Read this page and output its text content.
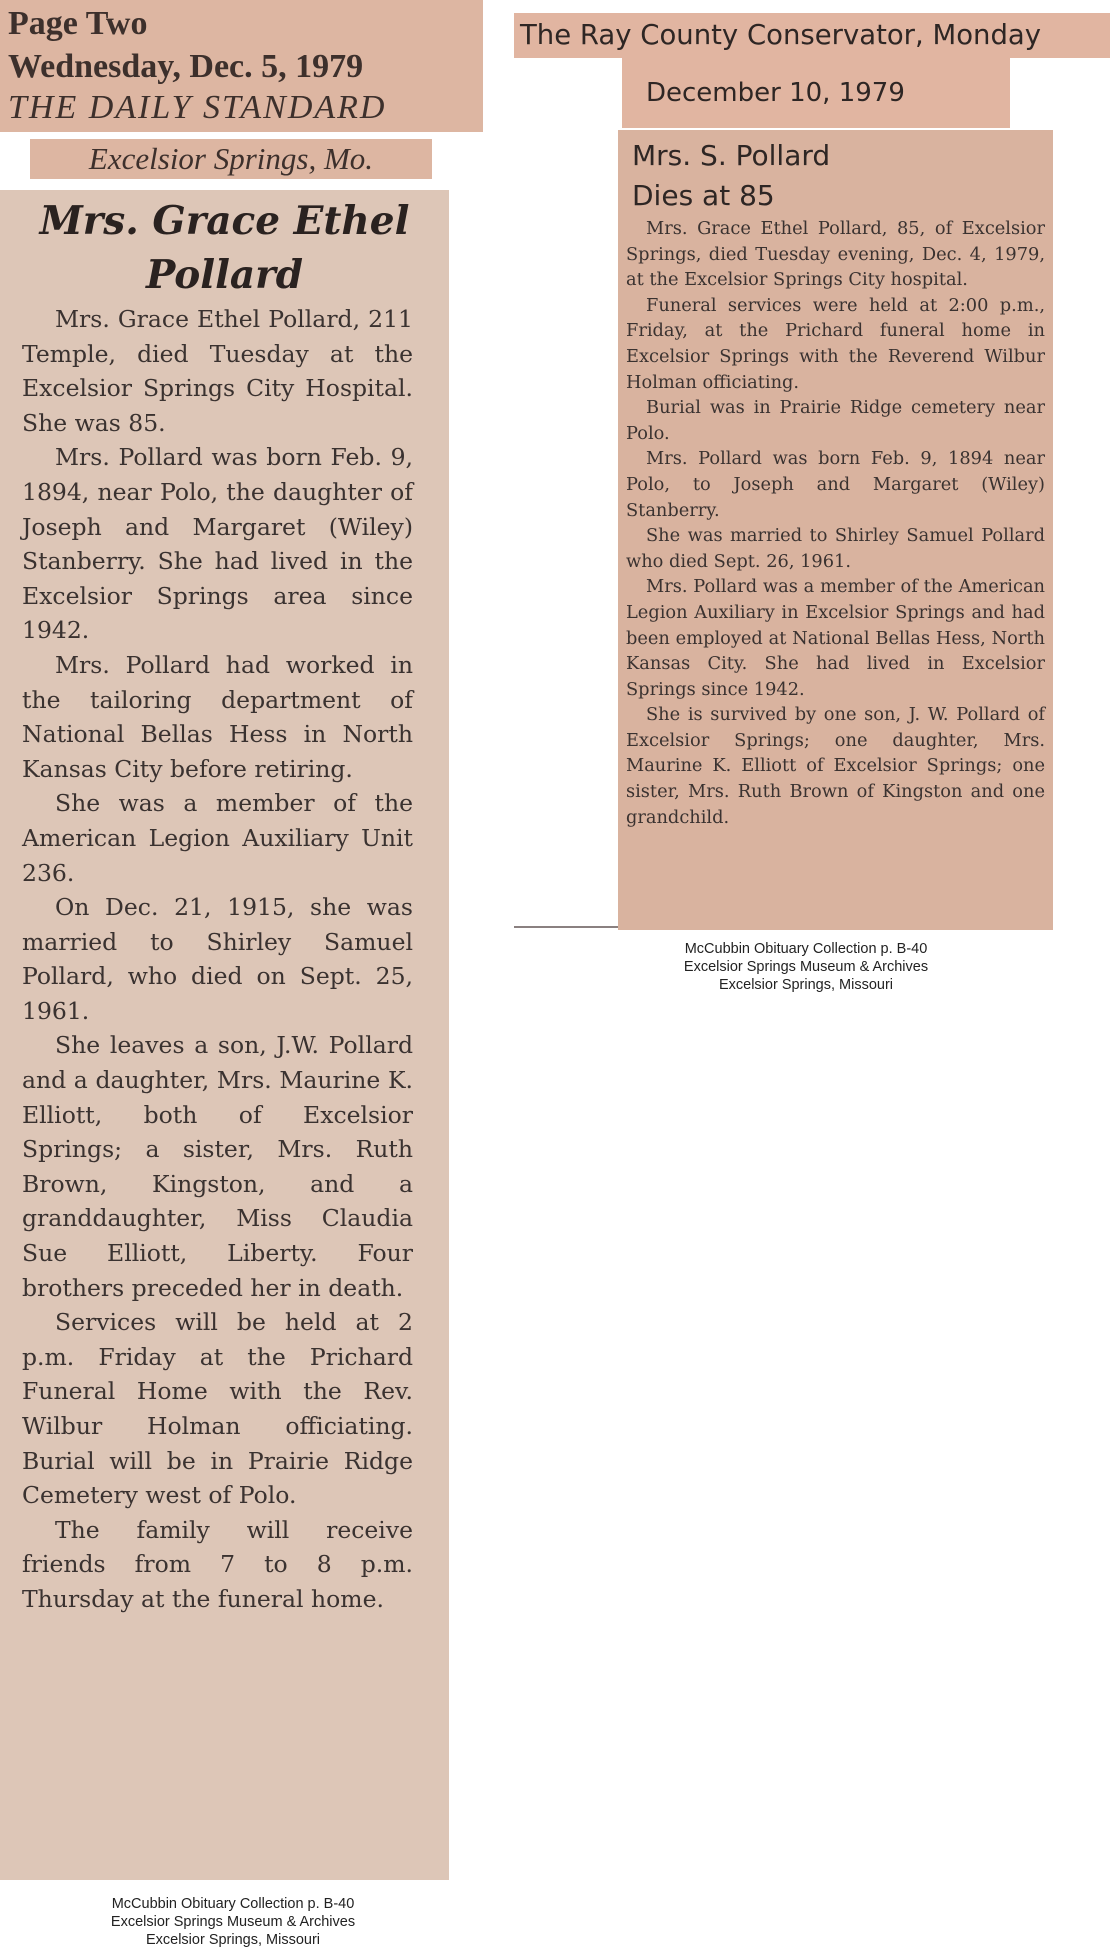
Page Two
Wednesday, Dec. 5, 1979
THE DAILY STANDARD
Excelsior Springs, Mo.
Mrs. Grace Ethel
Pollard

Mrs. Grace Ethel Pollard, 211 Temple, died Tuesday at the Excelsior Springs City Hospital. She was 85.

Mrs. Pollard was born Feb. 9, 1894, near Polo, the daughter of Joseph and Margaret (Wiley) Stanberry. She had lived in the Excelsior Springs area since 1942.

Mrs. Pollard had worked in the tailoring department of National Bellas Hess in North Kansas City before retiring.

She was a member of the American Legion Auxiliary Unit 236.

On Dec. 21, 1915, she was married to Shirley Samuel Pollard, who died on Sept. 25, 1961.

She leaves a son, J.W. Pollard and a daughter, Mrs. Maurine K. Elliott, both of Excelsior Springs; a sister, Mrs. Ruth Brown, Kingston, and a granddaughter, Miss Claudia Sue Elliott, Liberty. Four brothers preceded her in death.

Services will be held at 2 p.m. Friday at the Prichard Funeral Home with the Rev. Wilbur Holman officiating. Burial will be in Prairie Ridge Cemetery west of Polo.

The family will receive friends from 7 to 8 p.m. Thursday at the funeral home.

McCubbin Obituary Collection p. B-40
Excelsior Springs Museum & Archives
Excelsior Springs, Missouri
The Ray County Conservator, Monday
December 10, 1979
Mrs. S. Pollard
Dies at 85

Mrs. Grace Ethel Pollard, 85, of Excelsior Springs, died Tuesday evening, Dec. 4, 1979, at the Excelsior Springs City hospital.

Funeral services were held at 2:00 p.m., Friday, at the Prichard funeral home in Excelsior Springs with the Reverend Wilbur Holman officiating.

Burial was in Prairie Ridge cemetery near Polo.

Mrs. Pollard was born Feb. 9, 1894 near Polo, to Joseph and Margaret (Wiley) Stanberry.

She was married to Shirley Samuel Pollard who died Sept. 26, 1961.

Mrs. Pollard was a member of the American Legion Auxiliary in Excelsior Springs and had been employed at National Bellas Hess, North Kansas City. She had lived in Excelsior Springs since 1942.

She is survived by one son, J. W. Pollard of Excelsior Springs; one daughter, Mrs. Maurine K. Elliott of Excelsior Springs; one sister, Mrs. Ruth Brown of Kingston and one grandchild.

McCubbin Obituary Collection p. B-40
Excelsior Springs Museum & Archives
Excelsior Springs, Missouri
